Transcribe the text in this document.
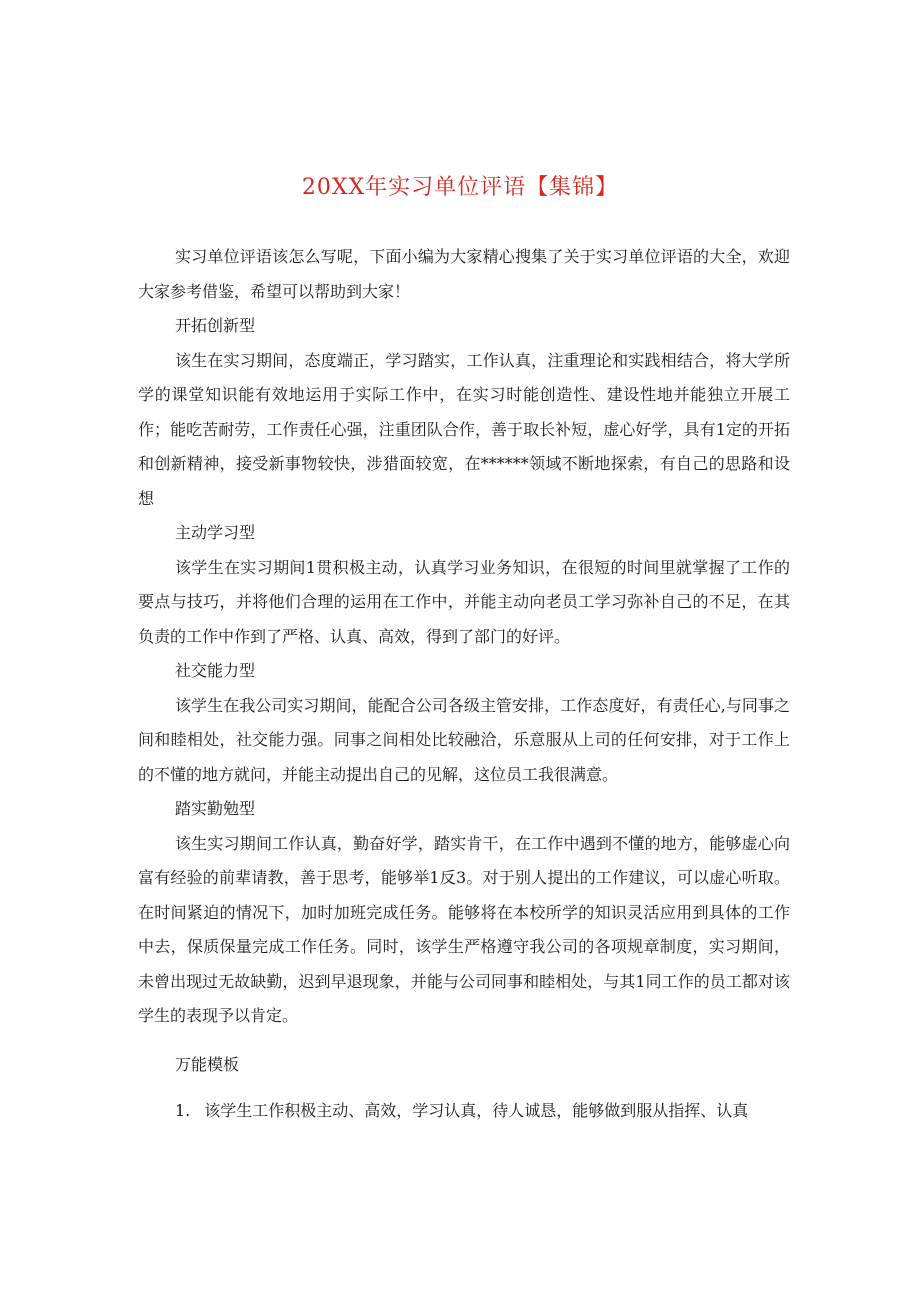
20XX年实习单位评语【集锦】

实习单位评语该怎么写呢，下面小编为大家精心搜集了关于实习单位评语的大全，欢迎大家参考借鉴，希望可以帮助到大家！

开拓创新型

该生在实习期间，态度端正，学习踏实，工作认真，注重理论和实践相结合，将大学所学的课堂知识能有效地运用于实际工作中，在实习时能创造性、建设性地并能独立开展工作；能吃苦耐劳，工作责任心强，注重团队合作，善于取长补短，虚心好学，具有1定的开拓和创新精神，接受新事物较快，涉猎面较宽，在******领域不断地探索，有自己的思路和设想

主动学习型

该学生在实习期间1贯积极主动，认真学习业务知识，在很短的时间里就掌握了工作的要点与技巧，并将他们合理的运用在工作中，并能主动向老员工学习弥补自己的不足，在其负责的工作中作到了严格、认真、高效，得到了部门的好评。

社交能力型

该学生在我公司实习期间，能配合公司各级主管安排，工作态度好，有责任心,与同事之间和睦相处，社交能力强。同事之间相处比较融洽，乐意服从上司的任何安排，对于工作上的不懂的地方就问，并能主动提出自己的见解，这位员工我很满意。

踏实勤勉型

该生实习期间工作认真，勤奋好学，踏实肯干，在工作中遇到不懂的地方，能够虚心向富有经验的前辈请教，善于思考，能够举1反3。对于别人提出的工作建议，可以虚心听取。在时间紧迫的情况下，加时加班完成任务。能够将在本校所学的知识灵活应用到具体的工作中去，保质保量完成工作任务。同时，该学生严格遵守我公司的各项规章制度，实习期间，未曾出现过无故缺勤，迟到早退现象，并能与公司同事和睦相处，与其1同工作的员工都对该学生的表现予以肯定。

万能模板

1. 该学生工作积极主动、高效，学习认真，待人诚恳，能够做到服从指挥、认真
